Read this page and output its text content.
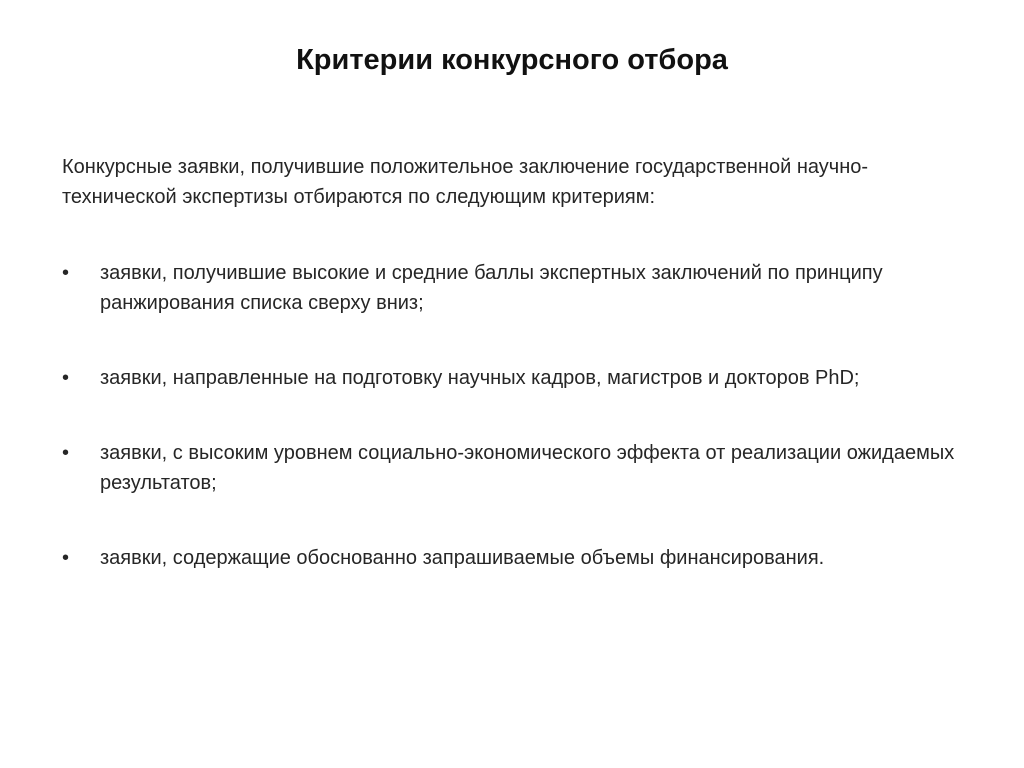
Критерии конкурсного отбора
Конкурсные заявки, получившие положительное заключение государственной научно-технической экспертизы отбираются по следующим критериям:
•	заявки, получившие высокие и средние баллы экспертных заключений по принципу ранжирования списка сверху вниз;
•	заявки, направленные на подготовку научных кадров, магистров и докторов PhD;
•	заявки, с высоким уровнем социально-экономического эффекта от реализации ожидаемых результатов;
•	заявки, содержащие обоснованно запрашиваемые объемы финансирования.
